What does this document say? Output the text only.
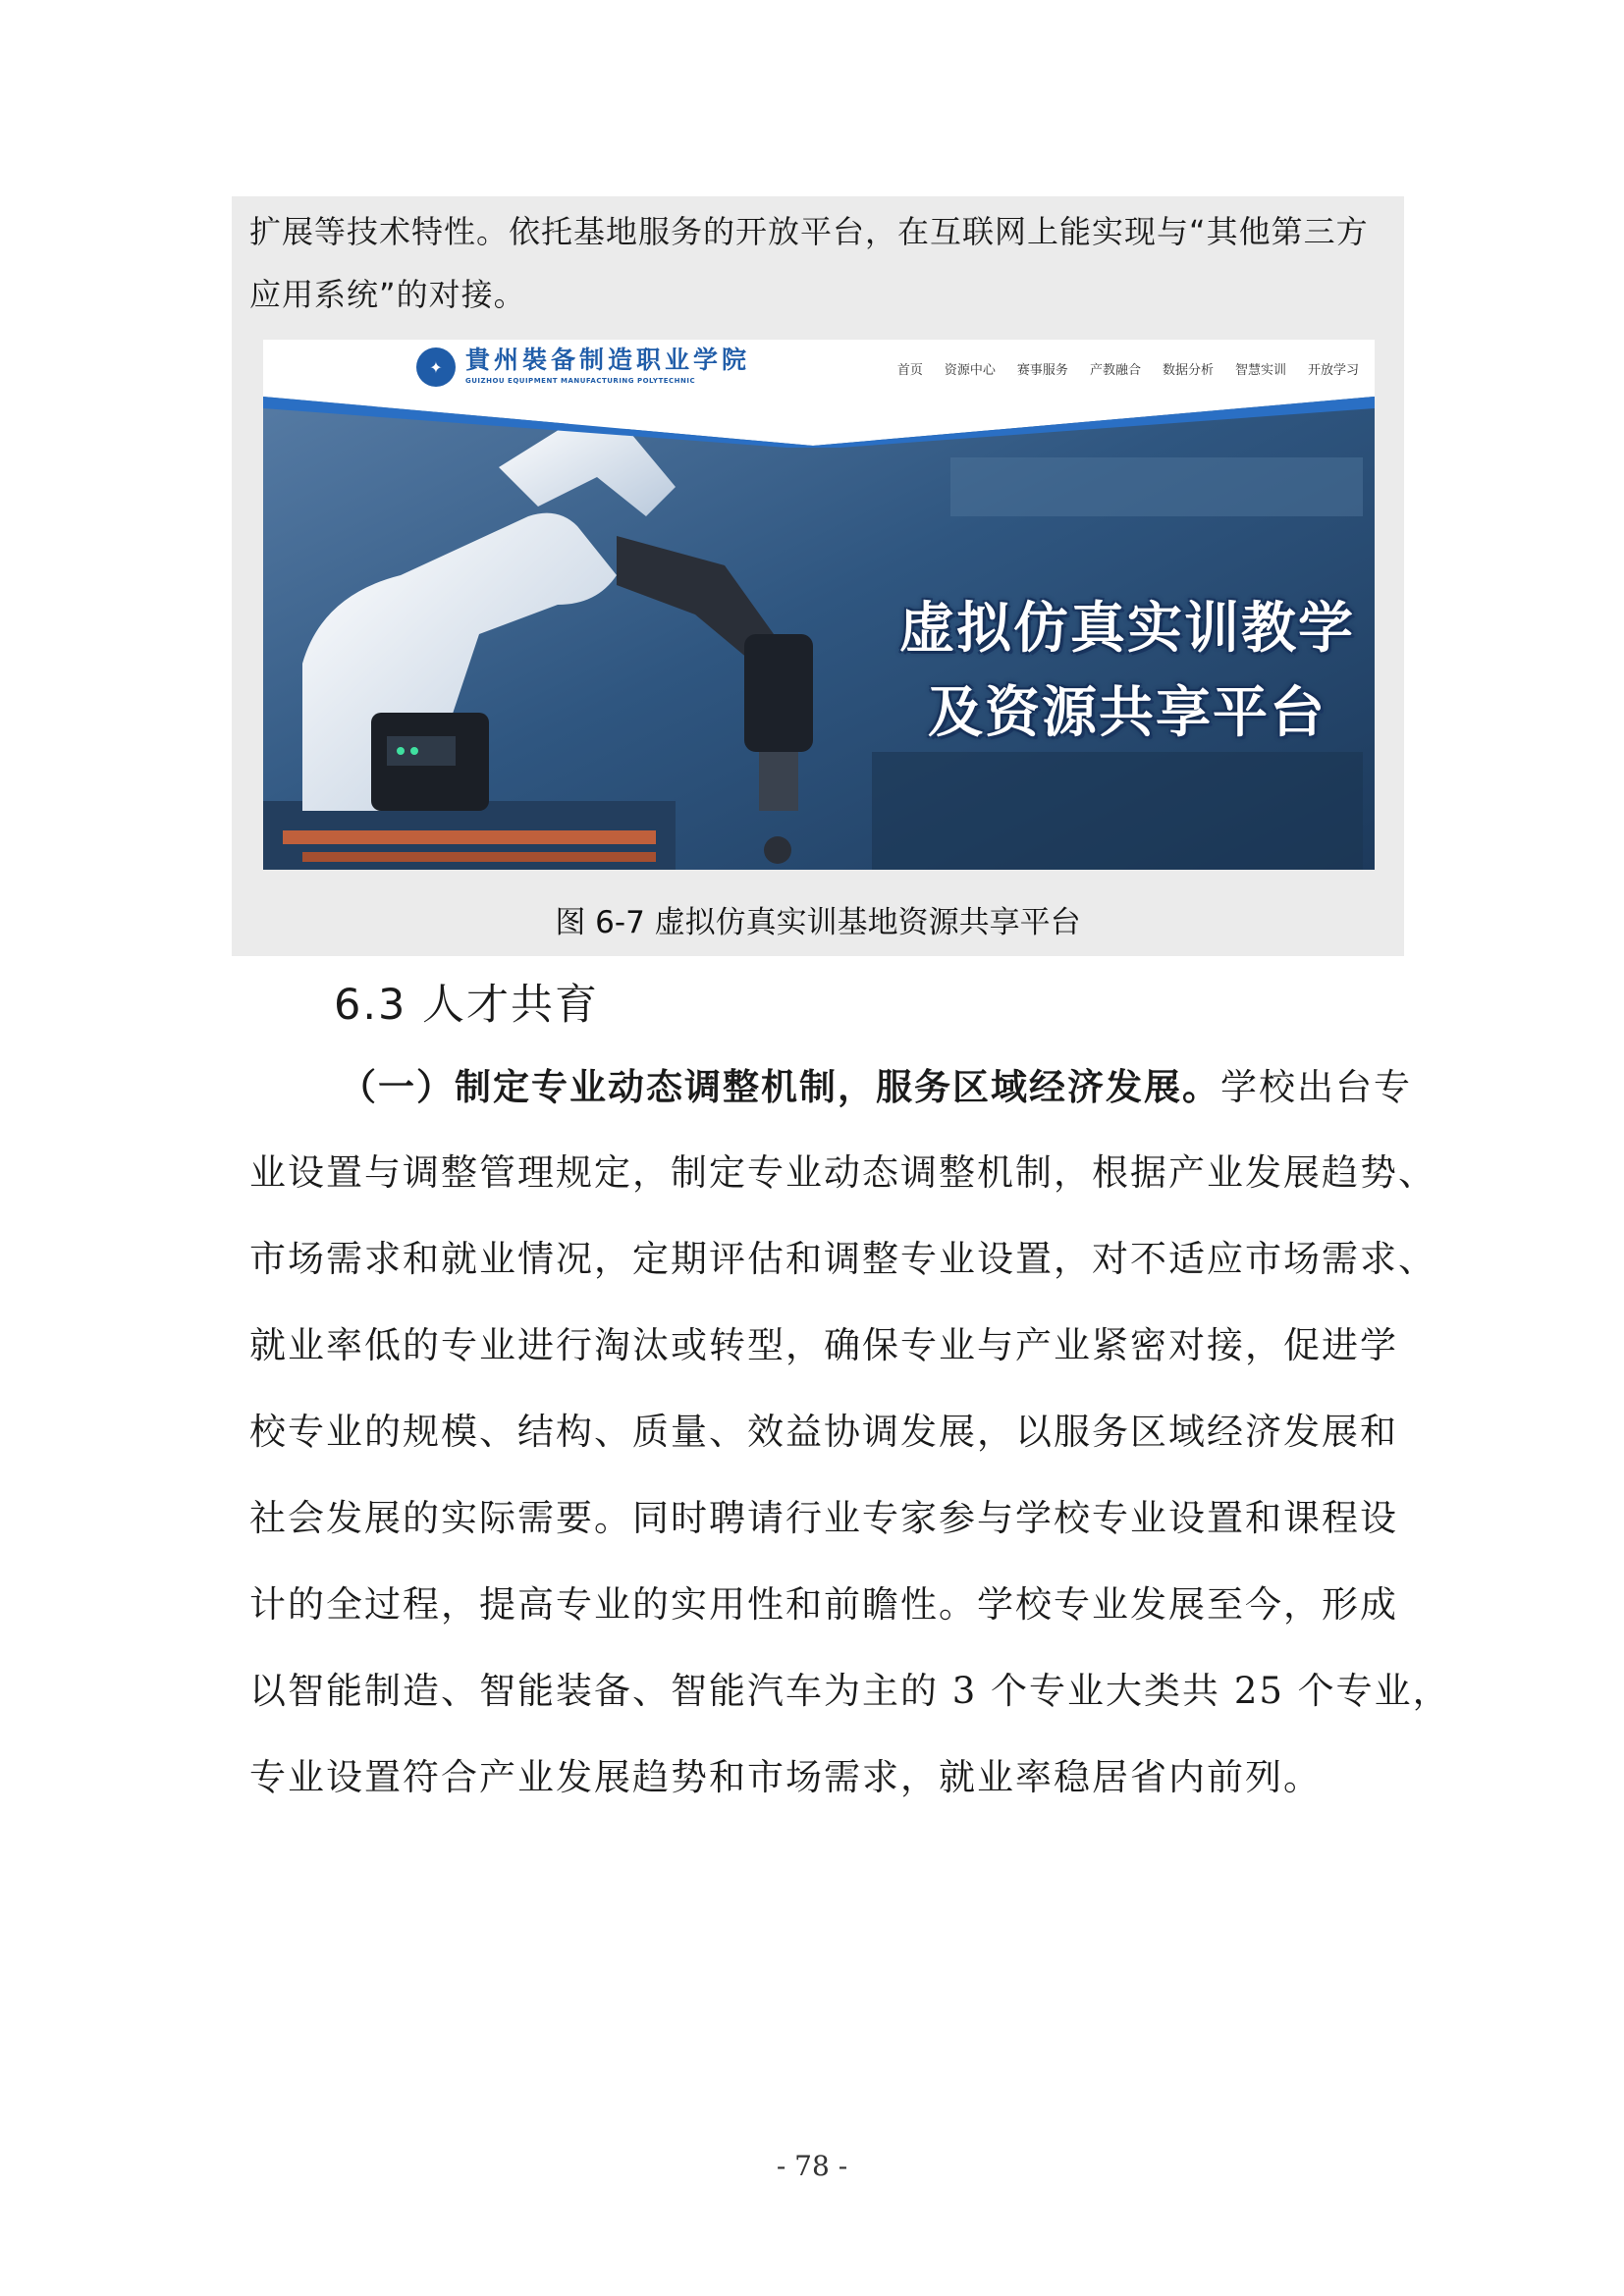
扩展等技术特性。依托基地服务的开放平台，在互联网上能实现与“其他第三方
应用系统”的对接。
✦ 貴州裝备制造职业学院
GUIZHOU EQUIPMENT MANUFACTURING POLYTECHNIC
首页 资源中心 赛事服务 产教融合 数据分析 智慧实训 开放学习
虚拟仿真实训教学
及资源共享平台
图 6-7 虚拟仿真实训基地资源共享平台
6.3 人才共育
（一）制定专业动态调整机制，服务区域经济发展。学校出台专
业设置与调整管理规定，制定专业动态调整机制，根据产业发展趋势、
市场需求和就业情况，定期评估和调整专业设置，对不适应市场需求、
就业率低的专业进行淘汰或转型，确保专业与产业紧密对接，促进学
校专业的规模、结构、质量、效益协调发展，以服务区域经济发展和
社会发展的实际需要。同时聘请行业专家参与学校专业设置和课程设
计的全过程，提高专业的实用性和前瞻性。学校专业发展至今，形成
以智能制造、智能装备、智能汽车为主的 3 个专业大类共 25 个专业，
专业设置符合产业发展趋势和市场需求，就业率稳居省内前列。
- 78 -
